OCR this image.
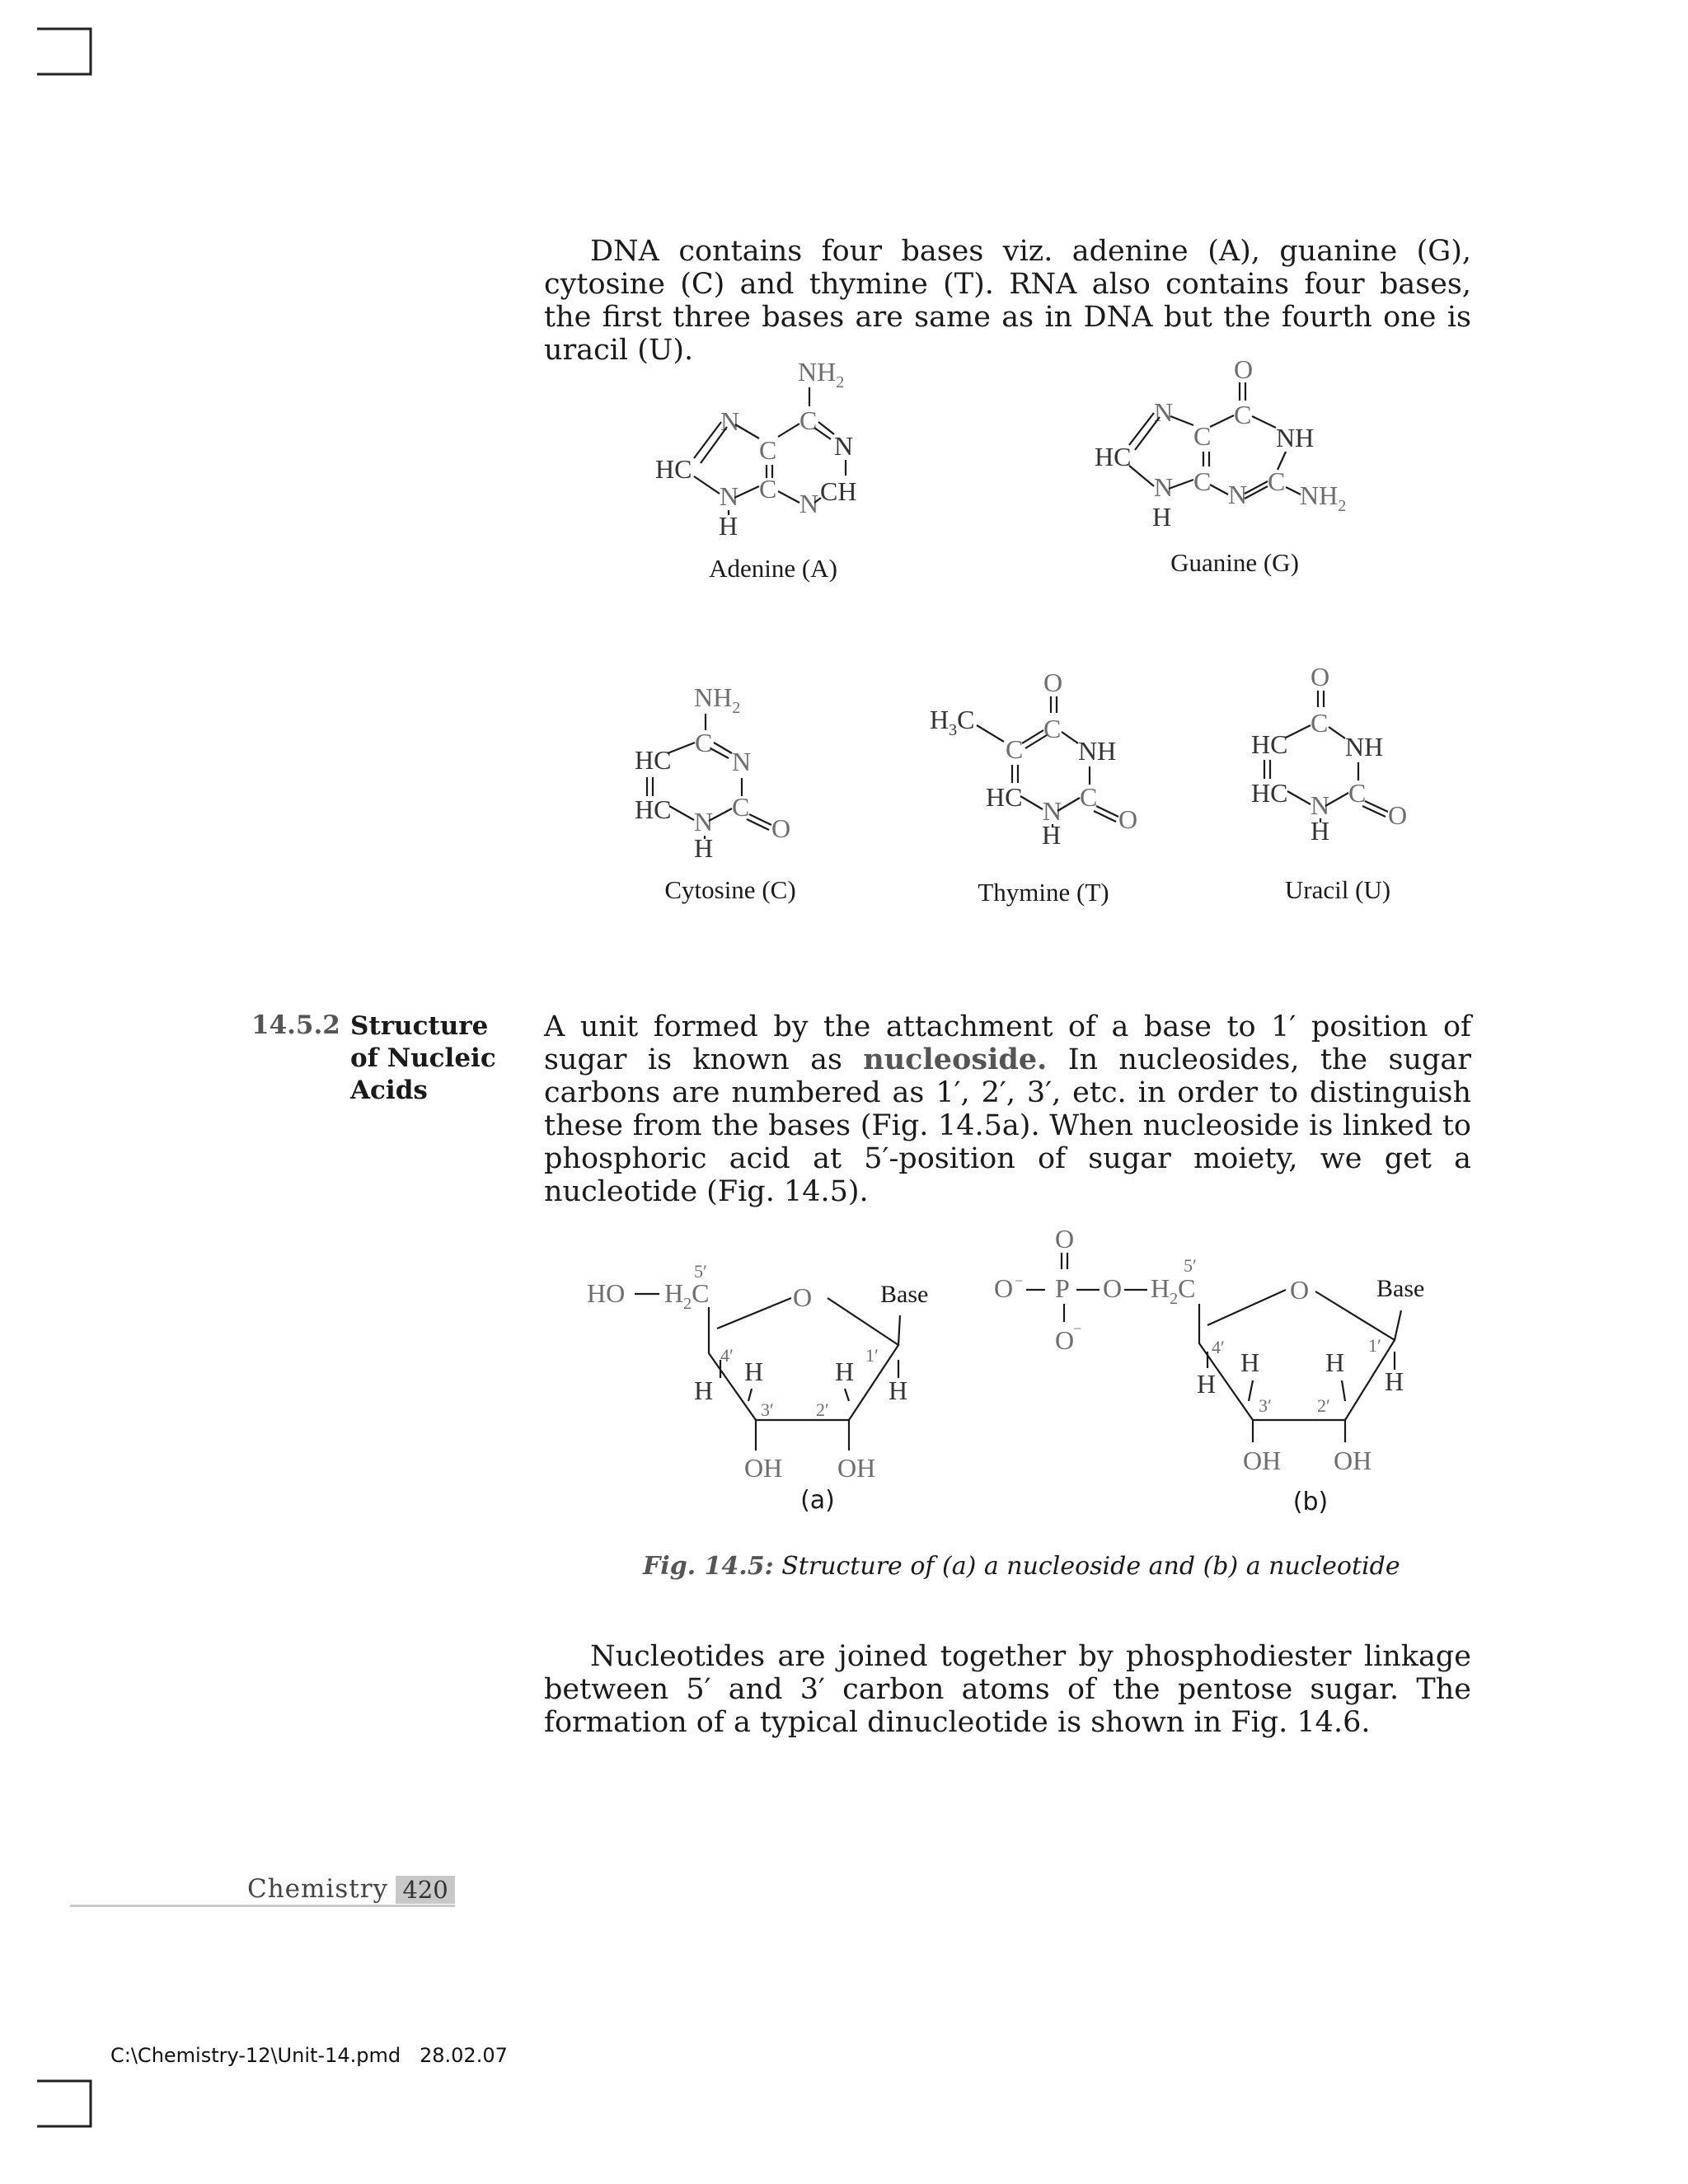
DNA contains four bases viz. adenine (A), guanine (G), cytosine (C) and thymine (T). RNA also contains four bases, the first three bases are same as in DNA but the fourth one is uracil (U).

$NH_2$
N C
N
HC
C
N C N CH
H
Adenine (A)
O
C
N
NH
HC
C
N C N C $NH_2$
H
Guanine (G)
$NH_2$
C
HC N
HC C
O
N
H
Cytosine (C)
$H_3C$
O
C
C NH
HC N C
O
H
Thymine (T)
O
C
HC NH
HC N C
O
H
Uracil (U)
HO $H_2C$
5′
O	Base
4′	1′
H
H	H
H
3′ 2′
OH OH
(a)
O
O − P O $H_2C$
5′
O
−
O	Base
4′	1′
H
H H
H
3′	2′
OH OH
(b)
14.5.2 Structure of Nucleic Acids

A unit formed by the attachment of a base to 1′ position of sugar is known as nucleoside. In nucleosides, the sugar carbons are numbered as 1′, 2′, 3′, etc. in order to distinguish these from the bases (Fig. 14.5a). When nucleoside is linked to phosphoric acid at 5′-position of sugar moiety, we get a nucleotide (Fig. 14.5).

Fig. 14.5: Structure of (a) a nucleoside and (b) a nucleotide

Nucleotides are joined together by phosphodiester linkage between 5′ and 3′ carbon atoms of the pentose sugar. The formation of a typical dinucleotide is shown in Fig. 14.6.

Chemistry 420
C:\Chemistry-12\Unit-14.pmd 28.02.07
